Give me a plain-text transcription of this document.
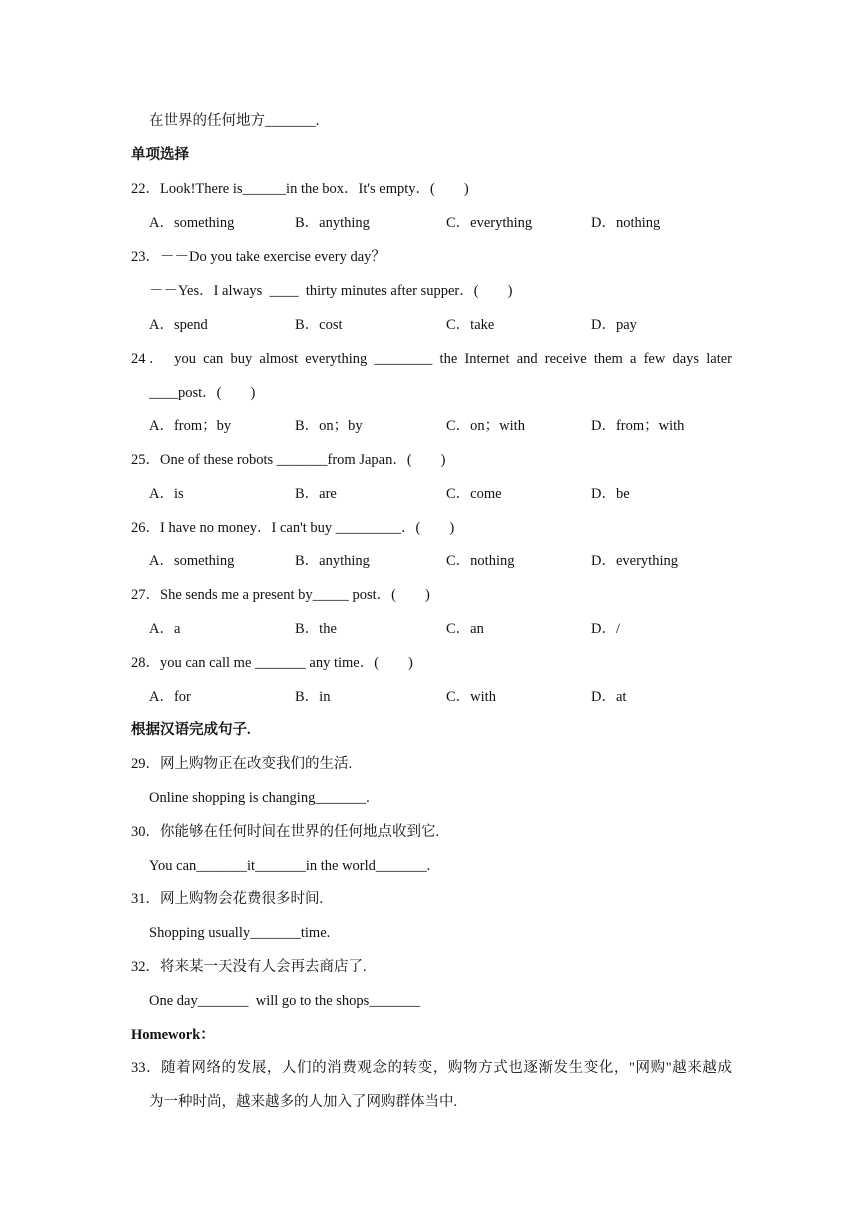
在世界的任何地方_______.
单项选择
22．Look!There is______in the box．It's empty．(　　)
A．something	B．anything	C．everything	D．nothing
23．－－Do you take exercise every day？
－－Yes．I always  ____  thirty minutes after supper．(　　)
A．spend	B．cost	C．take	D．pay
24． you can buy almost everything ________ the Internet and receive them a few days later
____post．(　　)
A．from；by	B．on；by	C．on；with	D．from；with
25．One of these robots _______from Japan．(　　)
A．is	B．are	C．come	D．be
26．I have no money．I can't buy _________．(　　)
A．something	B．anything	C．nothing	D．everything
27．She sends me a present by_____ post．(　　)
A．a	B．the	C．an	D．/
28．you can call me _______ any time．(　　)
A．for	B．in	C．with	D．at
根据汉语完成句子.
29．网上购物正在改变我们的生活.
Online shopping is changing_______.
30．你能够在任何时间在世界的任何地点收到它.
You can_______it_______in the world_______.
31．网上购物会花费很多时间.
Shopping usually_______time.
32．将来某一天没有人会再去商店了.
One day_______  will go to the shops_______
Homework：
33．随着网络的发展，人们的消费观念的转变，购物方式也逐渐发生变化，"网购"越来越成
为一种时尚，越来越多的人加入了网购群体当中.
